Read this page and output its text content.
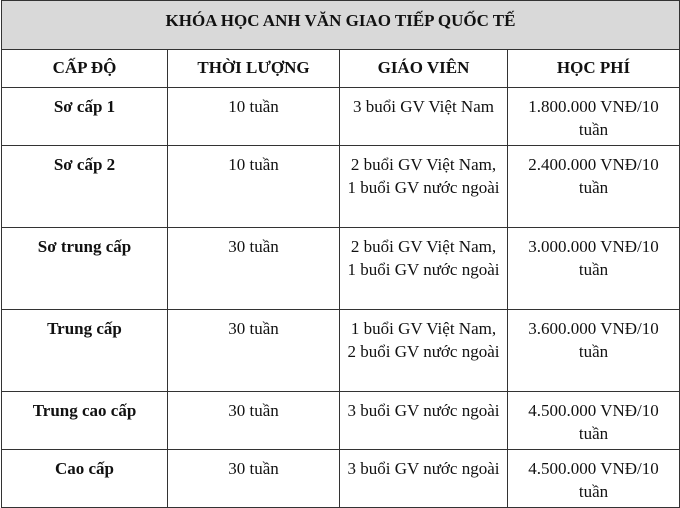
KHÓA HỌC ANH VĂN GIAO TIẾP QUỐC TẾ			
CẤP ĐỘ	THỜI LƯỢNG	GIÁO VIÊN	HỌC PHÍ
Sơ cấp 1	10 tuần	3 buổi GV Việt Nam	1.800.000 VNĐ/10 tuần
Sơ cấp 2	10 tuần	2 buổi GV Việt Nam, 1 buổi GV nước ngoài	2.400.000 VNĐ/10 tuần
Sơ trung cấp	30 tuần	2 buổi GV Việt Nam, 1 buổi GV nước ngoài	3.000.000 VNĐ/10 tuần
Trung cấp	30 tuần	1 buổi GV Việt Nam, 2 buổi GV nước ngoài	3.600.000 VNĐ/10 tuần
Trung cao cấp	30 tuần	3 buổi GV nước ngoài	4.500.000 VNĐ/10 tuần
Cao cấp	30 tuần	3 buổi GV nước ngoài	4.500.000 VNĐ/10 tuần
